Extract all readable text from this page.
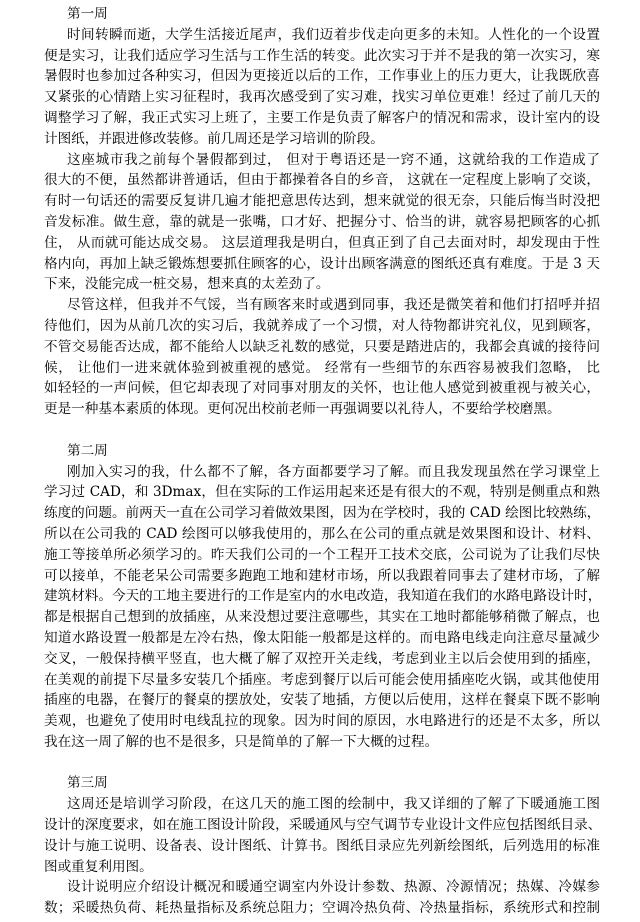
第一周
时间转瞬而逝，大学生活接近尾声，我们迈着步伐走向更多的未知。人性化的一个设置
便是实习，让我们适应学习生活与工作生活的转变。此次实习于并不是我的第一次实习，寒
暑假时也参加过各种实习，但因为更接近以后的工作，工作事业上的压力更大，让我既欣喜
又紧张的心情踏上实习征程时，我再次感受到了实习难，找实习单位更难！经过了前几天的
调整学习了解，我正式实习上班了，主要工作是负责了解客户的情况和需求，设计室内的设
计图纸，并跟进修改装修。前几周还是学习培训的阶段。
这座城市我之前每个暑假都到过， 但对于粤语还是一窍不通，这就给我的工作造成了
很大的不便，虽然都讲普通话，但由于都操着各自的乡音， 这就在一定程度上影响了交谈，
有时一句话还的需要反复讲几遍才能把意思传达到，想来就觉的很无奈，只能后悔当时没把
音发标准。做生意，靠的就是一张嘴，口才好、把握分寸、恰当的讲，就容易把顾客的心抓
住， 从而就可能达成交易。 这层道理我是明白，但真正到了自己去面对时，却发现由于性
格内向，再加上缺乏锻炼想要抓住顾客的心，设计出顾客满意的图纸还真有难度。于是 3 天
下来，没能完成一桩交易，想来真的太差劲了。
尽管这样，但我并不气馁，当有顾客来时或遇到同事，我还是微笑着和他们打招呼并招
待他们，因为从前几次的实习后，我就养成了一个习惯，对人待物都讲究礼仪，见到顾客，
不管交易能否达成，都不能给人以缺乏礼数的感觉，只要是踏进店的，我都会真诚的接待问
候， 让他们一进来就体验到被重视的感觉。 经常有一些细节的东西容易被我们忽略， 比
如轻轻的一声问候，但它却表现了对同事对朋友的关怀，也让他人感觉到被重视与被关心，
更是一种基本素质的体现。更何况出校前老师一再强调要以礼待人，不要给学校磨黑。
第二周
刚加入实习的我，什么都不了解，各方面都要学习了解。而且我发现虽然在学习课堂上
学习过 CAD，和 3Dmax，但在实际的工作运用起来还是有很大的不观，特别是侧重点和熟
练度的问题。前两天一直在公司学习着做效果图，因为在学校时，我的 CAD 绘图比较熟练，
所以在公司我的 CAD 绘图可以够我使用的，那么在公司的重点就是效果图和设计、材料、
施工等接单所必须学习的。昨天我们公司的一个工程开工技术交底，公司说为了让我们尽快
可以接单，不能老呆公司需要多跑跑工地和建材市场，所以我跟着同事去了建材市场，了解
建筑材料。今天的工地主要进行的工作是室内的水电改造，我知道在我们的水路电路设计时，
都是根据自己想到的放插座，从来没想过要注意哪些，其实在工地时都能够稍微了解点，也
知道水路设置一般都是左冷右热，像太阳能一般都是这样的。而电路电线走向注意尽量减少
交叉，一般保持横平竖直，也大概了解了双控开关走线，考虑到业主以后会使用到的插座，
在美观的前提下尽量多安装几个插座。考虑到餐厅以后可能会使用插座吃火锅，或其他使用
插座的电器，在餐厅的餐桌的摆放处，安装了地插，方便以后使用，这样在餐桌下既不影响
美观，也避免了使用时电线乱拉的现象。因为时间的原因，水电路进行的还是不太多，所以
我在这一周了解的也不是很多，只是简单的了解一下大概的过程。
第三周
这周还是培训学习阶段，在这几天的施工图的绘制中，我又详细的了解了下暖通施工图
设计的深度要求，如在施工图设计阶段，采暖通风与空气调节专业设计文件应包括图纸目录、
设计与施工说明、设备表、设计图纸、计算书。图纸目录应先列新绘图纸，后列选用的标准
图或重复利用图。
设计说明应介绍设计概况和暖通空调室内外设计参数、热源、冷源情况；热媒、冷媒参
数；采暖热负荷、耗热量指标及系统总阻力；空调冷热负荷、冷热量指标，系统形式和控制
